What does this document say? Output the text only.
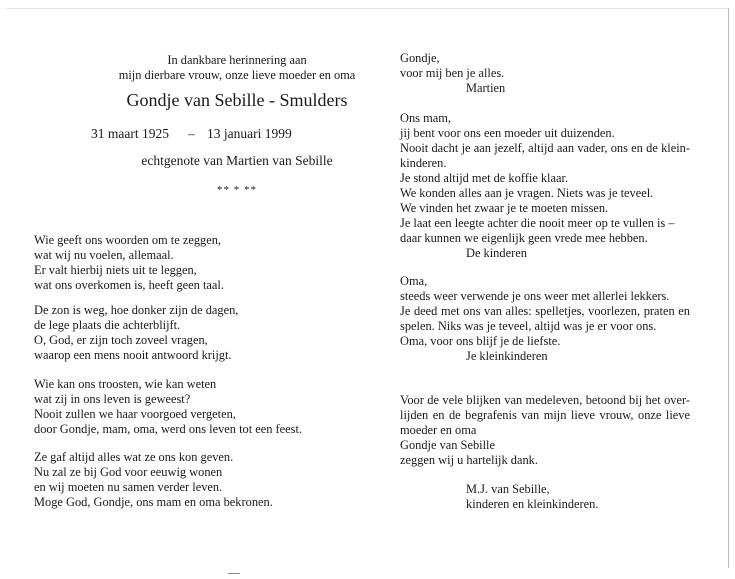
In dankbare herinnering aan
mijn dierbare vrouw, onze lieve moeder en oma
Gondje van Sebille - Smulders
31 maart 1925 – 13 januari 1999
echtgenote van Martien van Sebille
** * **
Wie geeft ons woorden om te zeggen,
wat wij nu voelen, allemaal.
Er valt hierbij niets uit te leggen,
wat ons overkomen is, heeft geen taal.
De zon is weg, hoe donker zijn de dagen,
de lege plaats die achterblijft.
O, God, er zijn toch zoveel vragen,
waarop een mens nooit antwoord krijgt.
Wie kan ons troosten, wie kan weten
wat zij in ons leven is geweest?
Nooit zullen we haar voorgoed vergeten,
door Gondje, mam, oma, werd ons leven tot een feest.
Ze gaf altijd alles wat ze ons kon geven.
Nu zal ze bij God voor eeuwig wonen
en wij moeten nu samen verder leven.
Moge God, Gondje, ons mam en oma bekronen.
Gondje,
voor mij ben je alles.
Martien
Ons mam,
jij bent voor ons een moeder uit duizenden.
Nooit dacht je aan jezelf, altijd aan vader, ons en de klein-
kinderen.
Je stond altijd met de koffie klaar.
We konden alles aan je vragen. Niets was je teveel.
We vinden het zwaar je te moeten missen.
Je laat een leegte achter die nooit meer op te vullen is –
daar kunnen we eigenlijk geen vrede mee hebben.
De kinderen
Oma,
steeds weer verwende je ons weer met allerlei lekkers.
Je deed met ons van alles: spelletjes, voorlezen, praten en
spelen. Niks was je teveel, altijd was je er voor ons.
Oma, voor ons blijf je de liefste.
Je kleinkinderen
Voor de vele blijken van medeleven, betoond bij het over-
lijden en de begrafenis van mijn lieve vrouw, onze lieve
moeder en oma
Gondje van Sebille
zeggen wij u hartelijk dank.
M.J. van Sebille,
kinderen en kleinkinderen.
